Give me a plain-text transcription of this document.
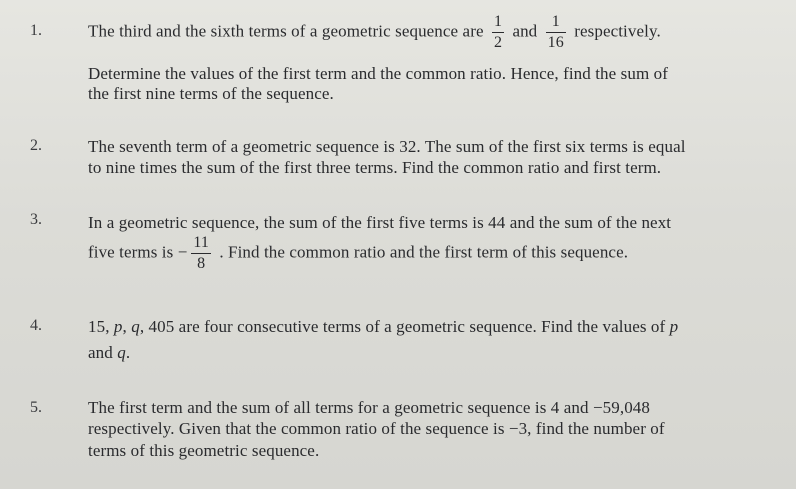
1.	The third and the sixth terms of a geometric sequence are $\frac{1}{2}$ and $\frac{1}{16}$ respectively.
Determine the values of the first term and the common ratio. Hence, find the sum of
the first nine terms of the sequence.
2.	The seventh term of a geometric sequence is 32. The sum of the first six terms is equal
to nine times the sum of the first three terms. Find the common ratio and first term.
3.	In a geometric sequence, the sum of the first five terms is 44 and the sum of the next
five terms is − $\frac{11}{8}$ . Find the common ratio and the first term of this sequence.
4.	15, p, q, 405 are four consecutive terms of a geometric sequence. Find the values of p
and q.
5.	The first term and the sum of all terms for a geometric sequence is 4 and −59,048
respectively. Given that the common ratio of the sequence is −3, find the number of
terms of this geometric sequence.
